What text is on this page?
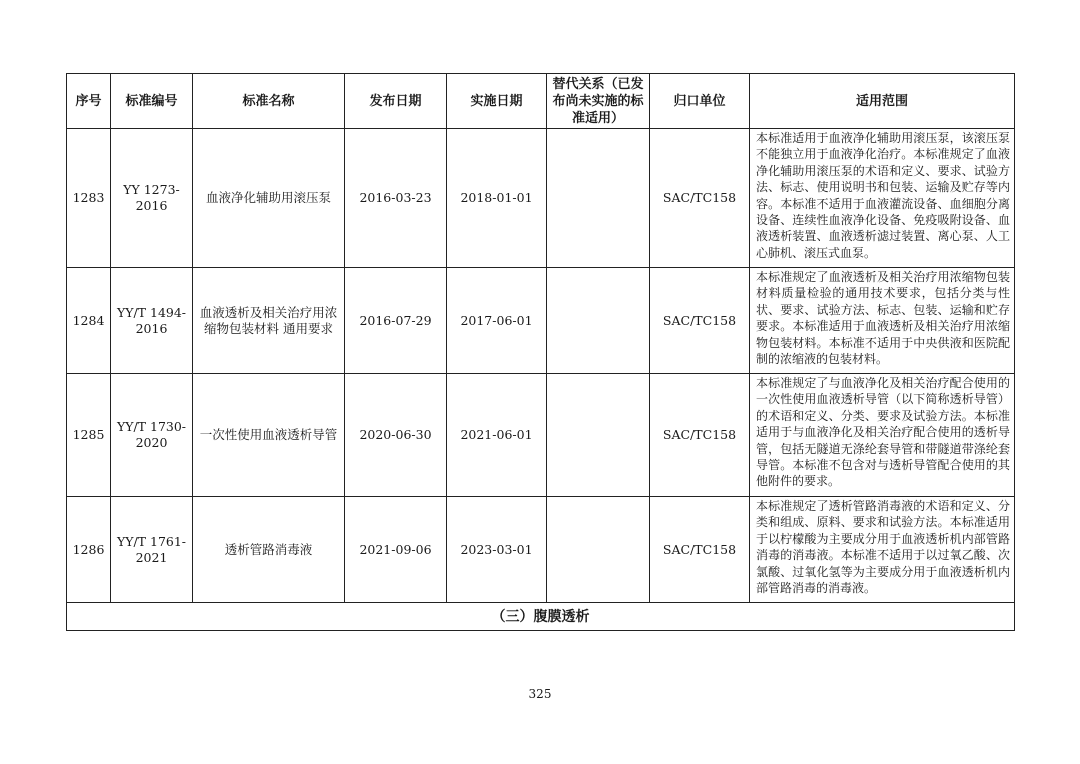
序号	标准编号	标准名称	发布日期	实施日期	替代关系（已发布尚未实施的标准适用）	归口单位	适用范围
1283	YY 1273-2016	血液净化辅助用滚压泵	2016-03-23	2018-01-01		SAC/TC158	本标准适用于血液净化辅助用滚压泵，该滚压泵不能独立用于血液净化治疗。本标准规定了血液净化辅助用滚压泵的术语和定义、要求、试验方法、标志、使用说明书和包装、运输及贮存等内容。本标准不适用于血液灌流设备、血细胞分离设备、连续性血液净化设备、免疫吸附设备、血液透析装置、血液透析滤过装置、离心泵、人工心肺机、滚压式血泵。
1284	YY/T 1494-2016	血液透析及相关治疗用浓缩物包装材料 通用要求	2016-07-29	2017-06-01		SAC/TC158	本标准规定了血液透析及相关治疗用浓缩物包装材料质量检验的通用技术要求，包括分类与性状、要求、试验方法、标志、包装、运输和贮存要求。本标准适用于血液透析及相关治疗用浓缩物包装材料。本标准不适用于中央供液和医院配制的浓缩液的包装材料。
1285	YY/T 1730-2020	一次性使用血液透析导管	2020-06-30	2021-06-01		SAC/TC158	本标准规定了与血液净化及相关治疗配合使用的一次性使用血液透析导管（以下简称透析导管）的术语和定义、分类、要求及试验方法。本标准适用于与血液净化及相关治疗配合使用的透析导管，包括无隧道无涤纶套导管和带隧道带涤纶套导管。本标准不包含对与透析导管配合使用的其他附件的要求。
1286	YY/T 1761-2021	透析管路消毒液	2021-09-06	2023-03-01		SAC/TC158	本标准规定了透析管路消毒液的术语和定义、分类和组成、原料、要求和试验方法。本标准适用于以柠檬酸为主要成分用于血液透析机内部管路消毒的消毒液。本标准不适用于以过氧乙酸、次氯酸、过氧化氢等为主要成分用于血液透析机内部管路消毒的消毒液。
（三）腹膜透析							
325
